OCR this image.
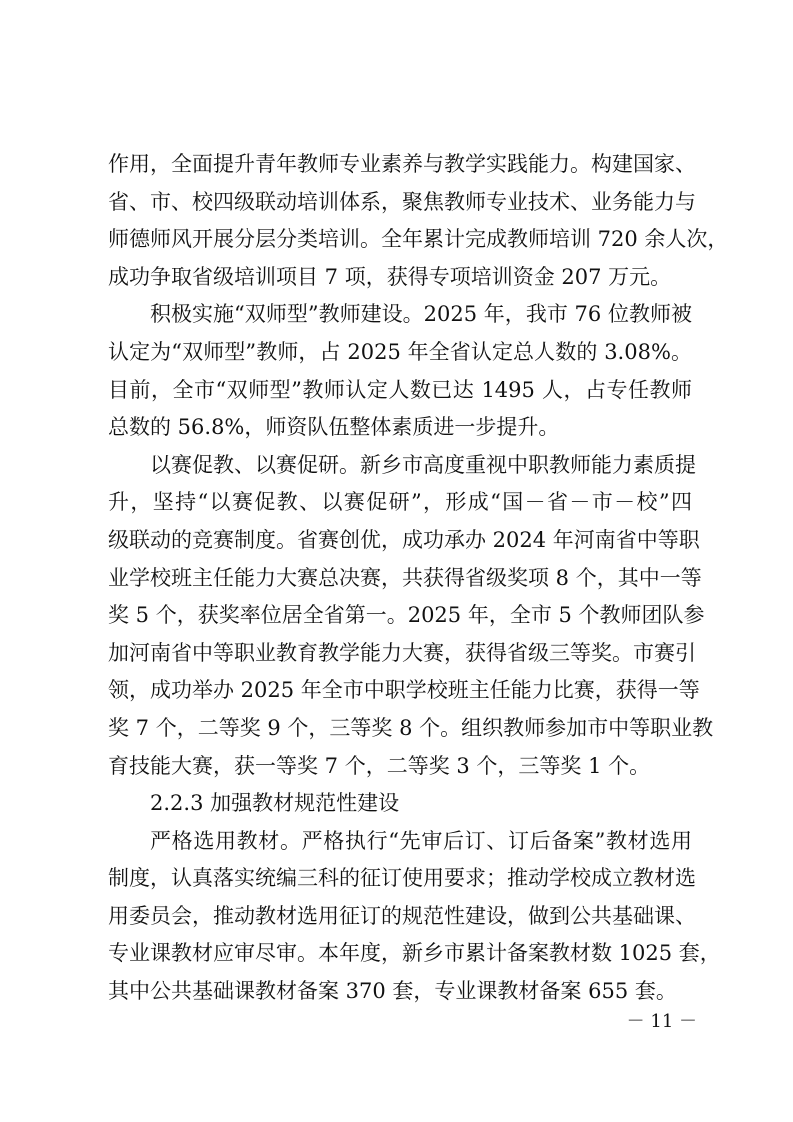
作用，全面提升青年教师专业素养与教学实践能力。构建国家、
省、市、校四级联动培训体系，聚焦教师专业技术、业务能力与
师德师风开展分层分类培训。全年累计完成教师培训 720 余人次，
成功争取省级培训项目 7 项，获得专项培训资金 207 万元。
积极实施“双师型”教师建设。2025 年，我市 76 位教师被
认定为“双师型”教师，占 2025 年全省认定总人数的 3.08%。
目前，全市“双师型”教师认定人数已达 1495 人，占专任教师
总数的 56.8%，师资队伍整体素质进一步提升。
以赛促教、以赛促研。新乡市高度重视中职教师能力素质提
升，坚持“以赛促教、以赛促研”，形成“国－省－市－校”四
级联动的竞赛制度。省赛创优，成功承办 2024 年河南省中等职
业学校班主任能力大赛总决赛，共获得省级奖项 8 个，其中一等
奖 5 个，获奖率位居全省第一。2025 年，全市 5 个教师团队参
加河南省中等职业教育教学能力大赛，获得省级三等奖。市赛引
领，成功举办 2025 年全市中职学校班主任能力比赛，获得一等
奖 7 个，二等奖 9 个，三等奖 8 个。组织教师参加市中等职业教
育技能大赛，获一等奖 7 个，二等奖 3 个，三等奖 1 个。
2.2.3 加强教材规范性建设
严格选用教材。严格执行“先审后订、订后备案”教材选用
制度，认真落实统编三科的征订使用要求；推动学校成立教材选
用委员会，推动教材选用征订的规范性建设，做到公共基础课、
专业课教材应审尽审。本年度，新乡市累计备案教材数 1025 套，
其中公共基础课教材备案 370 套，专业课教材备案 655 套。
－ 11 －
